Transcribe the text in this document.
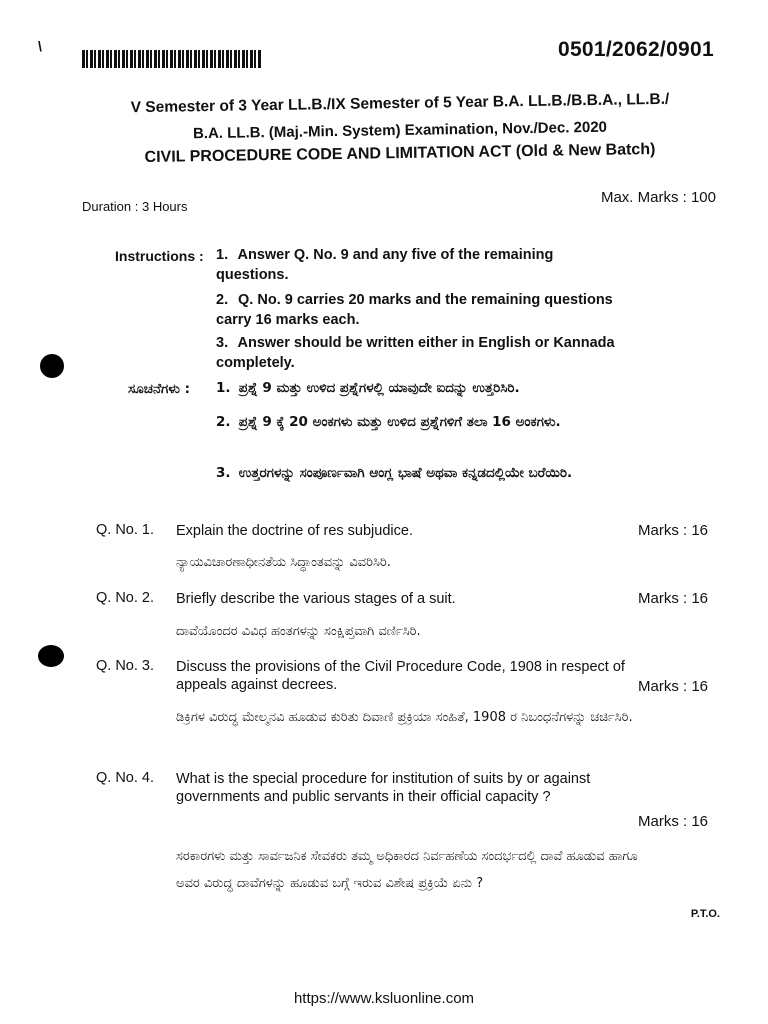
\	0501/2062/0901
V Semester of 3 Year LL.B./IX Semester of 5 Year B.A. LL.B./B.B.A., LL.B./
B.A. LL.B. (Maj.-Min. System) Examination, Nov./Dec. 2020
CIVIL PROCEDURE CODE AND LIMITATION ACT (Old & New Batch)
Duration : 3 Hours
Max. Marks : 100
Instructions : 1. Answer Q. No. 9 and any five of the remaining questions.
2. Q. No. 9 carries 20 marks and the remaining questions carry 16 marks each.
3. Answer should be written either in English or Kannada completely.
ಸೂಚನೆಗಳು : 1. ಪ್ರಶ್ನೆ 9 ಮತ್ತು ಉಳಿದ ಪ್ರಶ್ನೆಗಳಲ್ಲಿ ಯಾವುದೇ ಐದನ್ನು ಉತ್ತರಿಸಿರಿ.
2. ಪ್ರಶ್ನೆ 9 ಕ್ಕೆ 20 ಅಂಕಗಳು ಮತ್ತು ಉಳಿದ ಪ್ರಶ್ನೆಗಳಿಗೆ ತಲಾ 16 ಅಂಕಗಳು.
3. ಉತ್ತರಗಳನ್ನು ಸಂಪೂರ್ಣವಾಗಿ ಆಂಗ್ಲ ಭಾಷೆ ಅಥವಾ ಕನ್ನಡದಲ್ಲಿಯೇ ಬರೆಯಿರಿ.
Q. No. 1. Explain the doctrine of res subjudice.	Marks : 16
ನ್ಯಾಯವಿಚಾರಣಾಧೀನತೆಯ ಸಿದ್ಧಾಂತವನ್ನು ವಿವರಿಸಿರಿ.
Q. No. 2. Briefly describe the various stages of a suit.	Marks : 16
ದಾವೆಯೊಂದರ ವಿವಿಧ ಹಂತಗಳನ್ನು ಸಂಕ್ಷಿಪ್ತವಾಗಿ ವರ್ಣಿಸಿರಿ.
Q. No. 3. Discuss the provisions of the Civil Procedure Code, 1908 in respect of appeals against decrees.	Marks : 16
ಡಿಕ್ರಿಗಳ ವಿರುದ್ಧ ಮೇಲ್ಮನವಿ ಹೂಡುವ ಕುರಿತು ದಿವಾಣಿ ಪ್ರಕ್ರಿಯಾ ಸಂಹಿತೆ, 1908 ರ ನಿಬಂಧನೆಗಳನ್ನು ಚರ್ಚಿಸಿರಿ.
Q. No. 4. What is the special procedure for institution of suits by or against governments and public servants in their official capacity ?
Marks : 16
ಸರಕಾರಗಳು ಮತ್ತು ಸಾರ್ವಜನಿಕ ಸೇವಕರು ತಮ್ಮ ಅಧಿಕಾರದ ನಿರ್ವಹಣೆಯ ಸಂದರ್ಭದಲ್ಲಿ ದಾವೆ ಹೂಡುವ ಹಾಗೂ ಅವರ ವಿರುದ್ಧ ದಾವೆಗಳನ್ನು ಹೂಡುವ ಬಗ್ಗೆ ಇರುವ ವಿಶೇಷ ಪ್ರಕ್ರಿಯೆ ಏನು ?
P.T.O.
https://www.ksluonline.com
